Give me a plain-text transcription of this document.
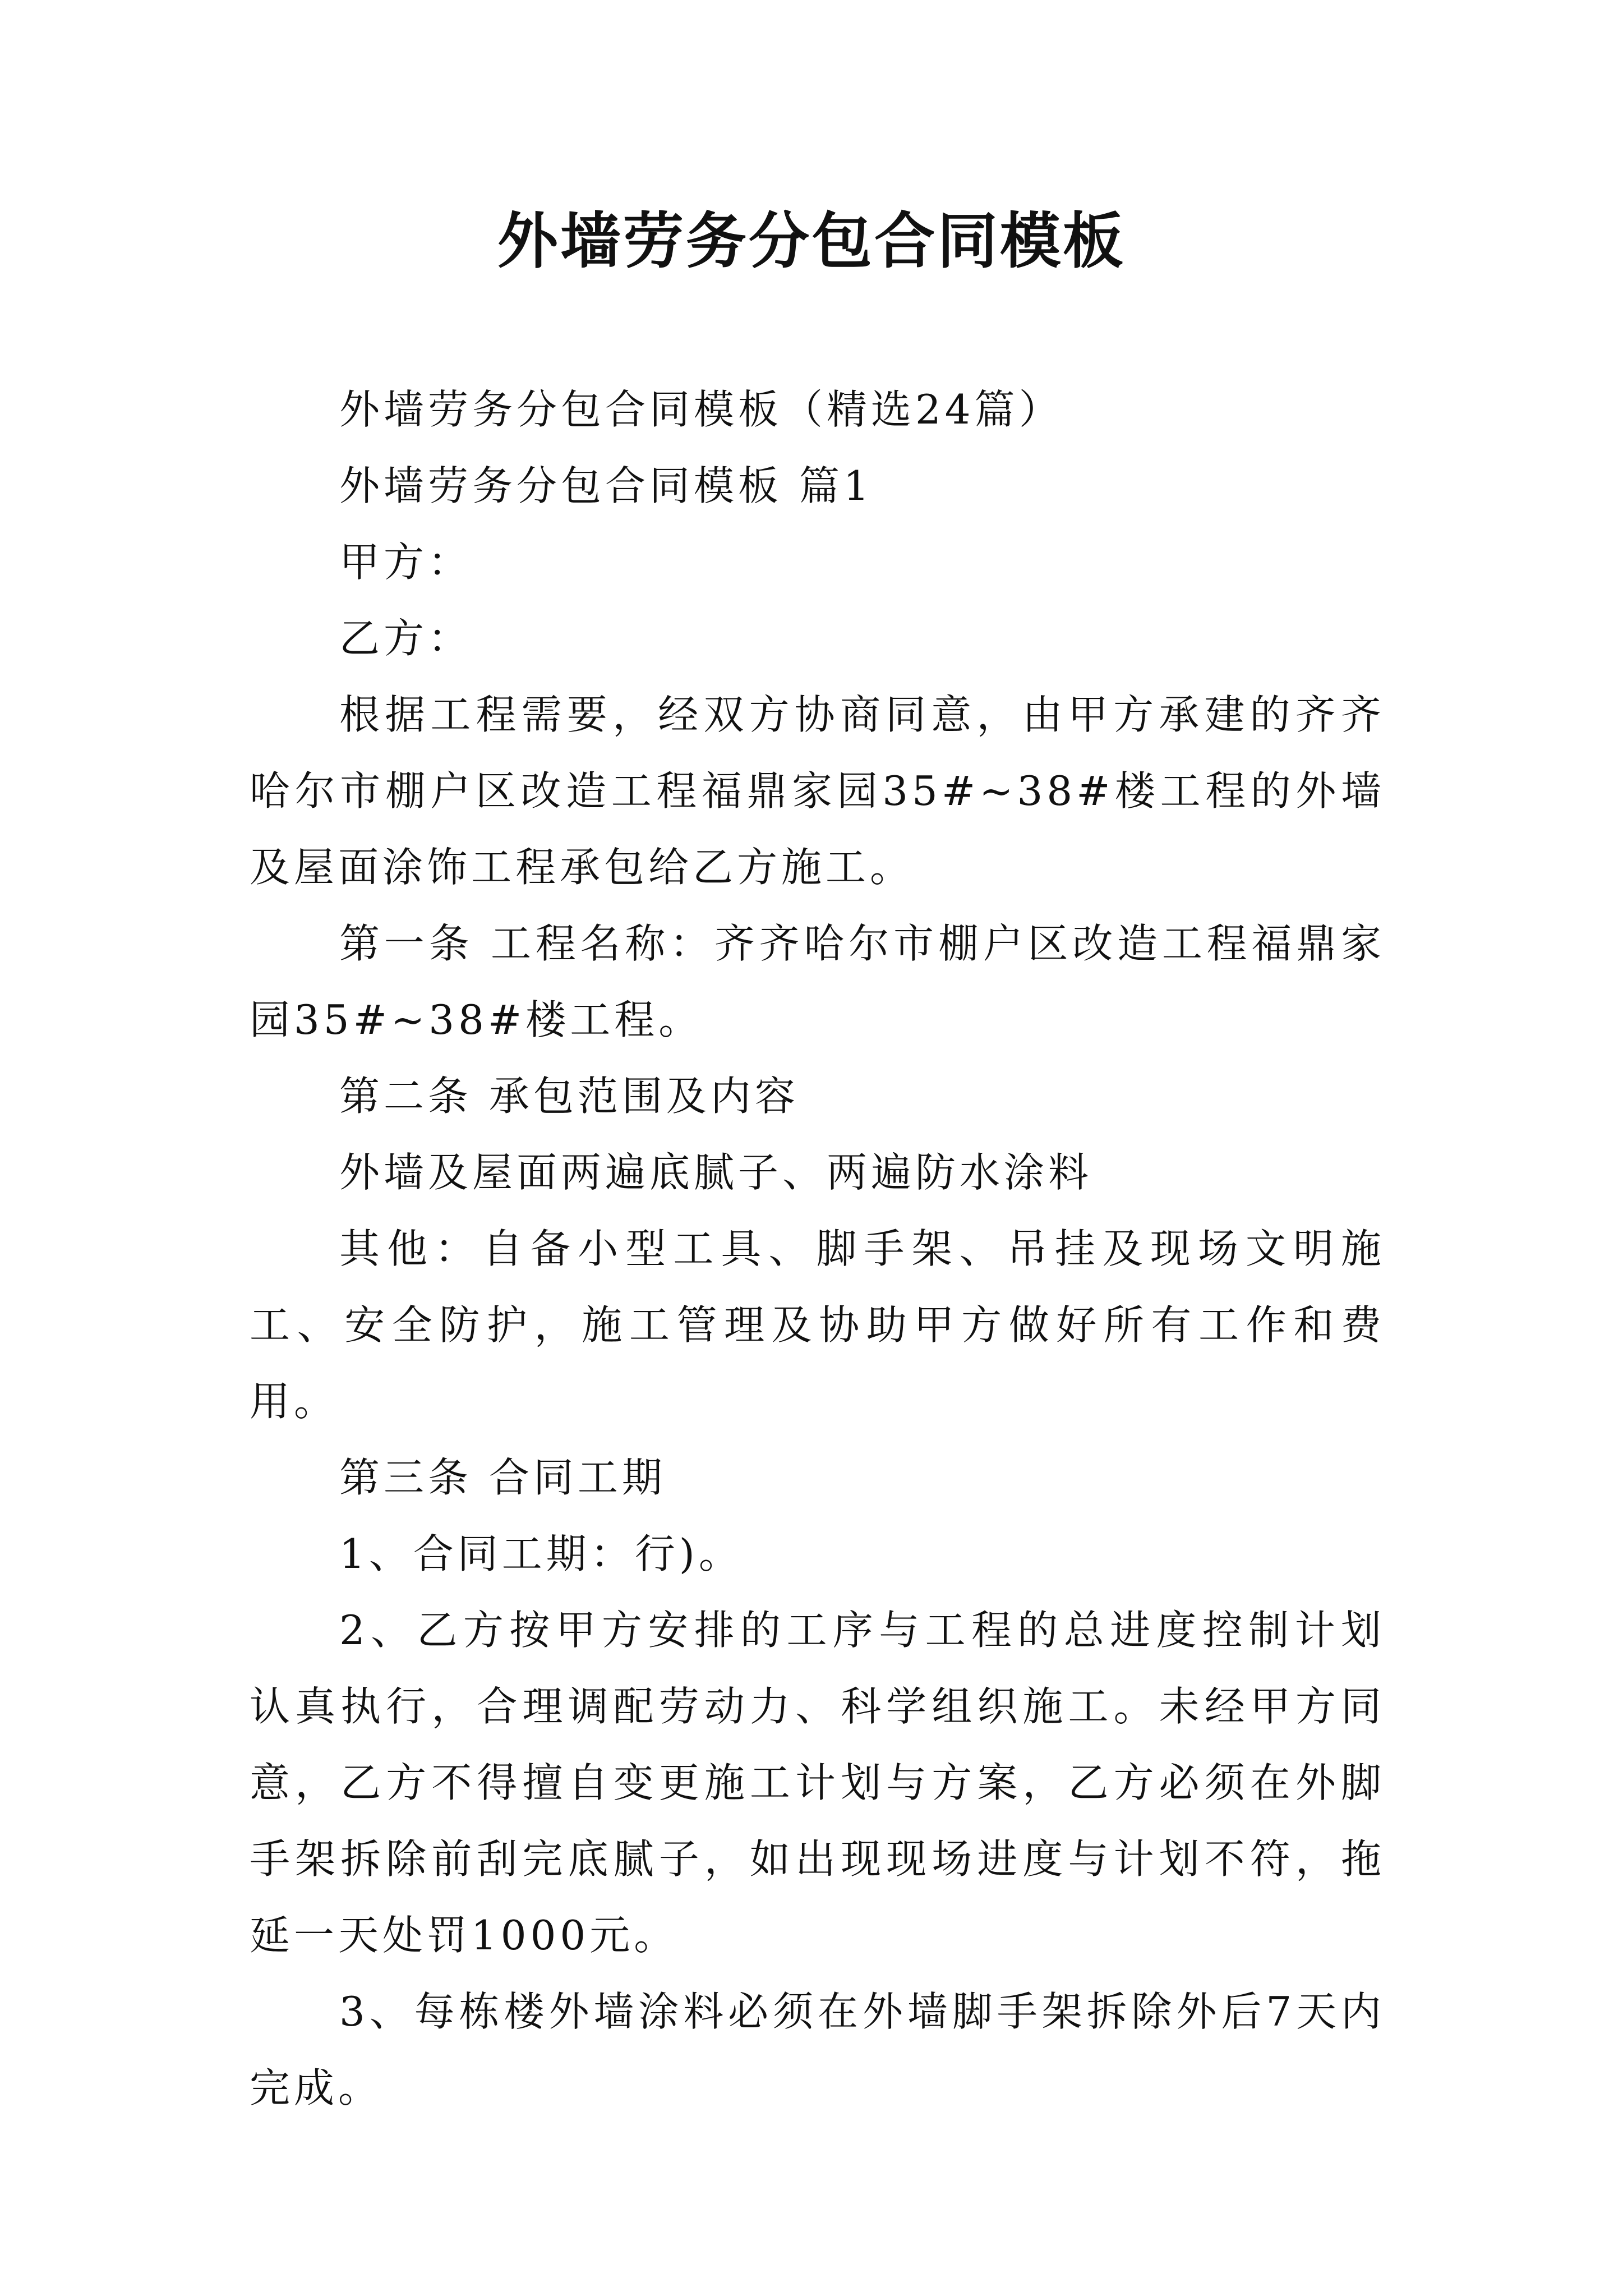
外墙劳务分包合同模板

外墙劳务分包合同模板（精选24篇）

外墙劳务分包合同模板 篇1

甲方：

乙方：

根据工程需要，经双方协商同意，由甲方承建的齐齐哈尔市棚户区改造工程福鼎家园35#~38#楼工程的外墙及屋面涂饰工程承包给乙方施工。

第一条 工程名称：齐齐哈尔市棚户区改造工程福鼎家园35#~38#楼工程。

第二条 承包范围及内容

外墙及屋面两遍底腻子、两遍防水涂料

其他：自备小型工具、脚手架、吊挂及现场文明施工、安全防护，施工管理及协助甲方做好所有工作和费用。

第三条 合同工期

1、合同工期：行)。

2、乙方按甲方安排的工序与工程的总进度控制计划认真执行，合理调配劳动力、科学组织施工。未经甲方同意，乙方不得擅自变更施工计划与方案，乙方必须在外脚手架拆除前刮完底腻子，如出现现场进度与计划不符，拖延一天处罚1000元。

3、每栋楼外墙涂料必须在外墙脚手架拆除外后7天内完成。
